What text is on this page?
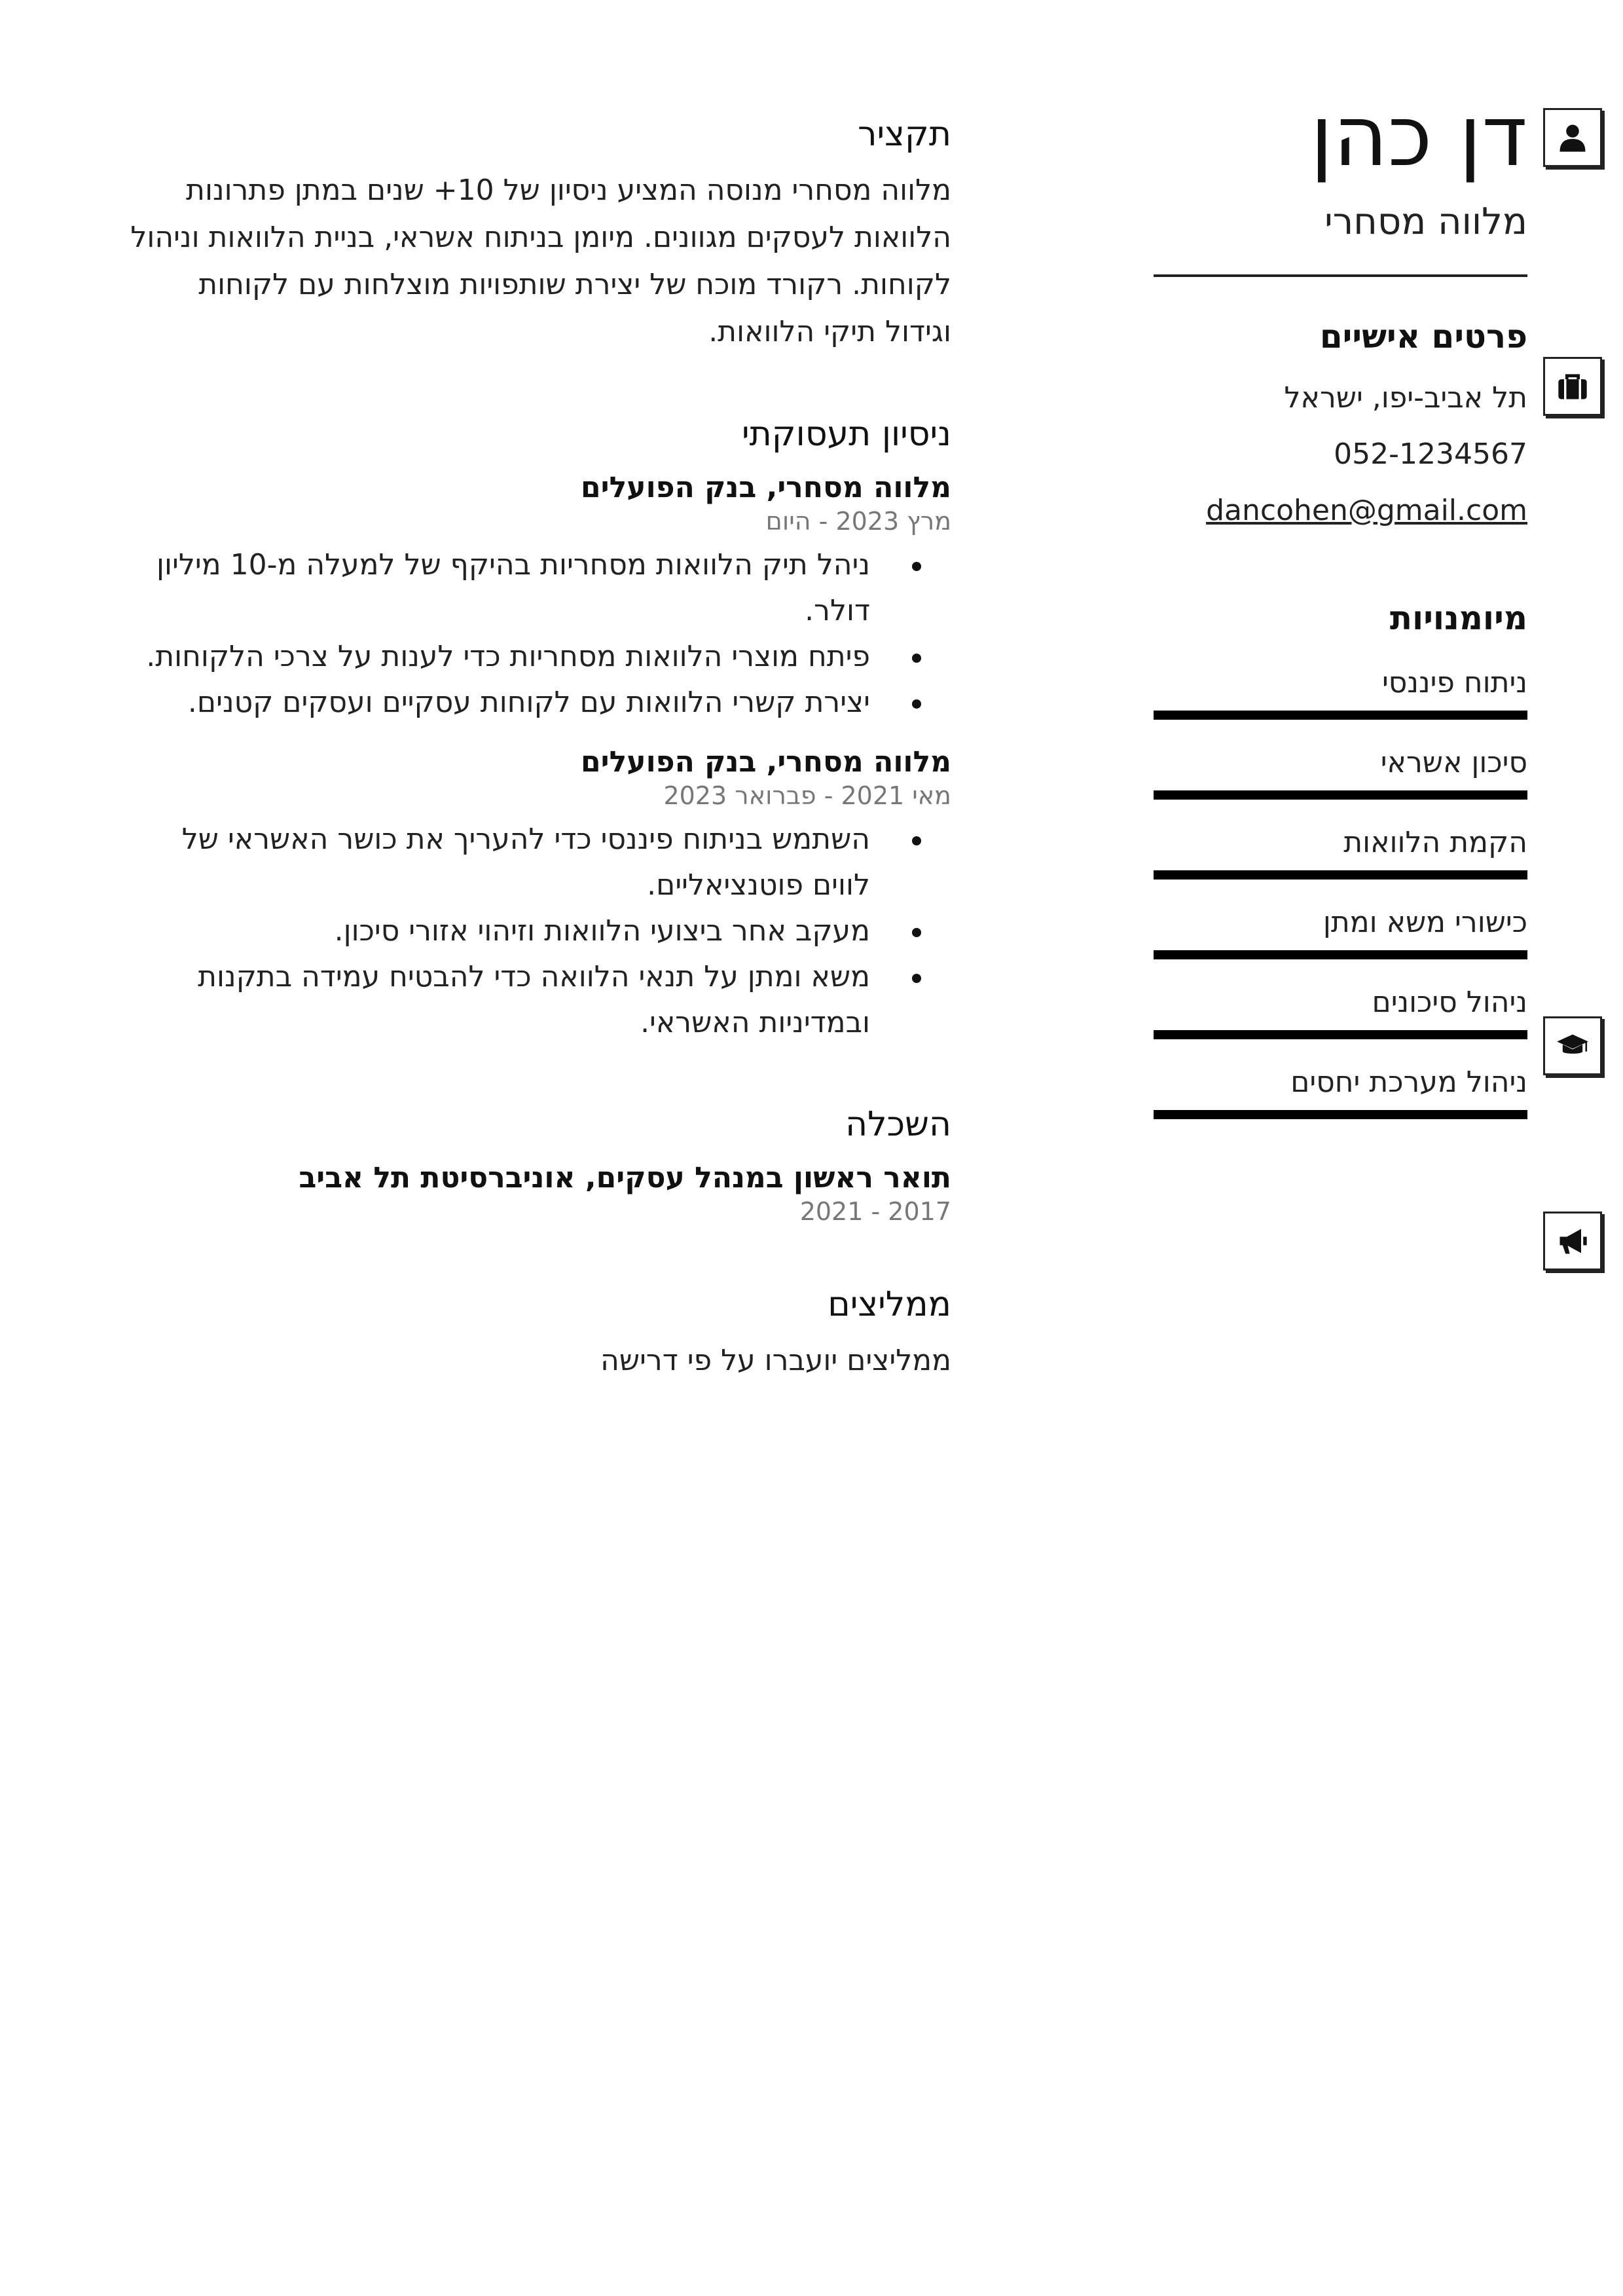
דן כהן
מלווה מסחרי
פרטים אישיים
תל אביב-יפו, ישראל
052-1234567
dancohen@gmail.com
מיומנויות
ניתוח פיננסי
סיכון אשראי
הקמת הלוואות
כישורי משא ומתן
ניהול סיכונים
ניהול מערכת יחסים
תקציר
מלווה מסחרי מנוסה המציע ניסיון של 10+ שנים במתן פתרונות הלוואות לעסקים מגוונים. מיומן בניתוח אשראי, בניית הלוואות וניהול לקוחות. רקורד מוכח של יצירת שותפויות מוצלחות עם לקוחות וגידול תיקי הלוואות.
ניסיון תעסוקתי
מלווה מסחרי, בנק הפועלים
מרץ 2023 - היום
ניהל תיק הלוואות מסחריות בהיקף של למעלה מ-10 מיליון דולר.
פיתח מוצרי הלוואות מסחריות כדי לענות על צרכי הלקוחות.
יצירת קשרי הלוואות עם לקוחות עסקיים ועסקים קטנים.
מלווה מסחרי, בנק הפועלים
מאי 2021 - פברואר 2023
השתמש בניתוח פיננסי כדי להעריך את כושר האשראי של לווים פוטנציאליים.
מעקב אחר ביצועי הלוואות וזיהוי אזורי סיכון.
משא ומתן על תנאי הלוואה כדי להבטיח עמידה בתקנות ובמדיניות האשראי.
השכלה
תואר ראשון במנהל עסקים, אוניברסיטת תל אביב
2017 - 2021
ממליצים
ממליצים יועברו על פי דרישה
